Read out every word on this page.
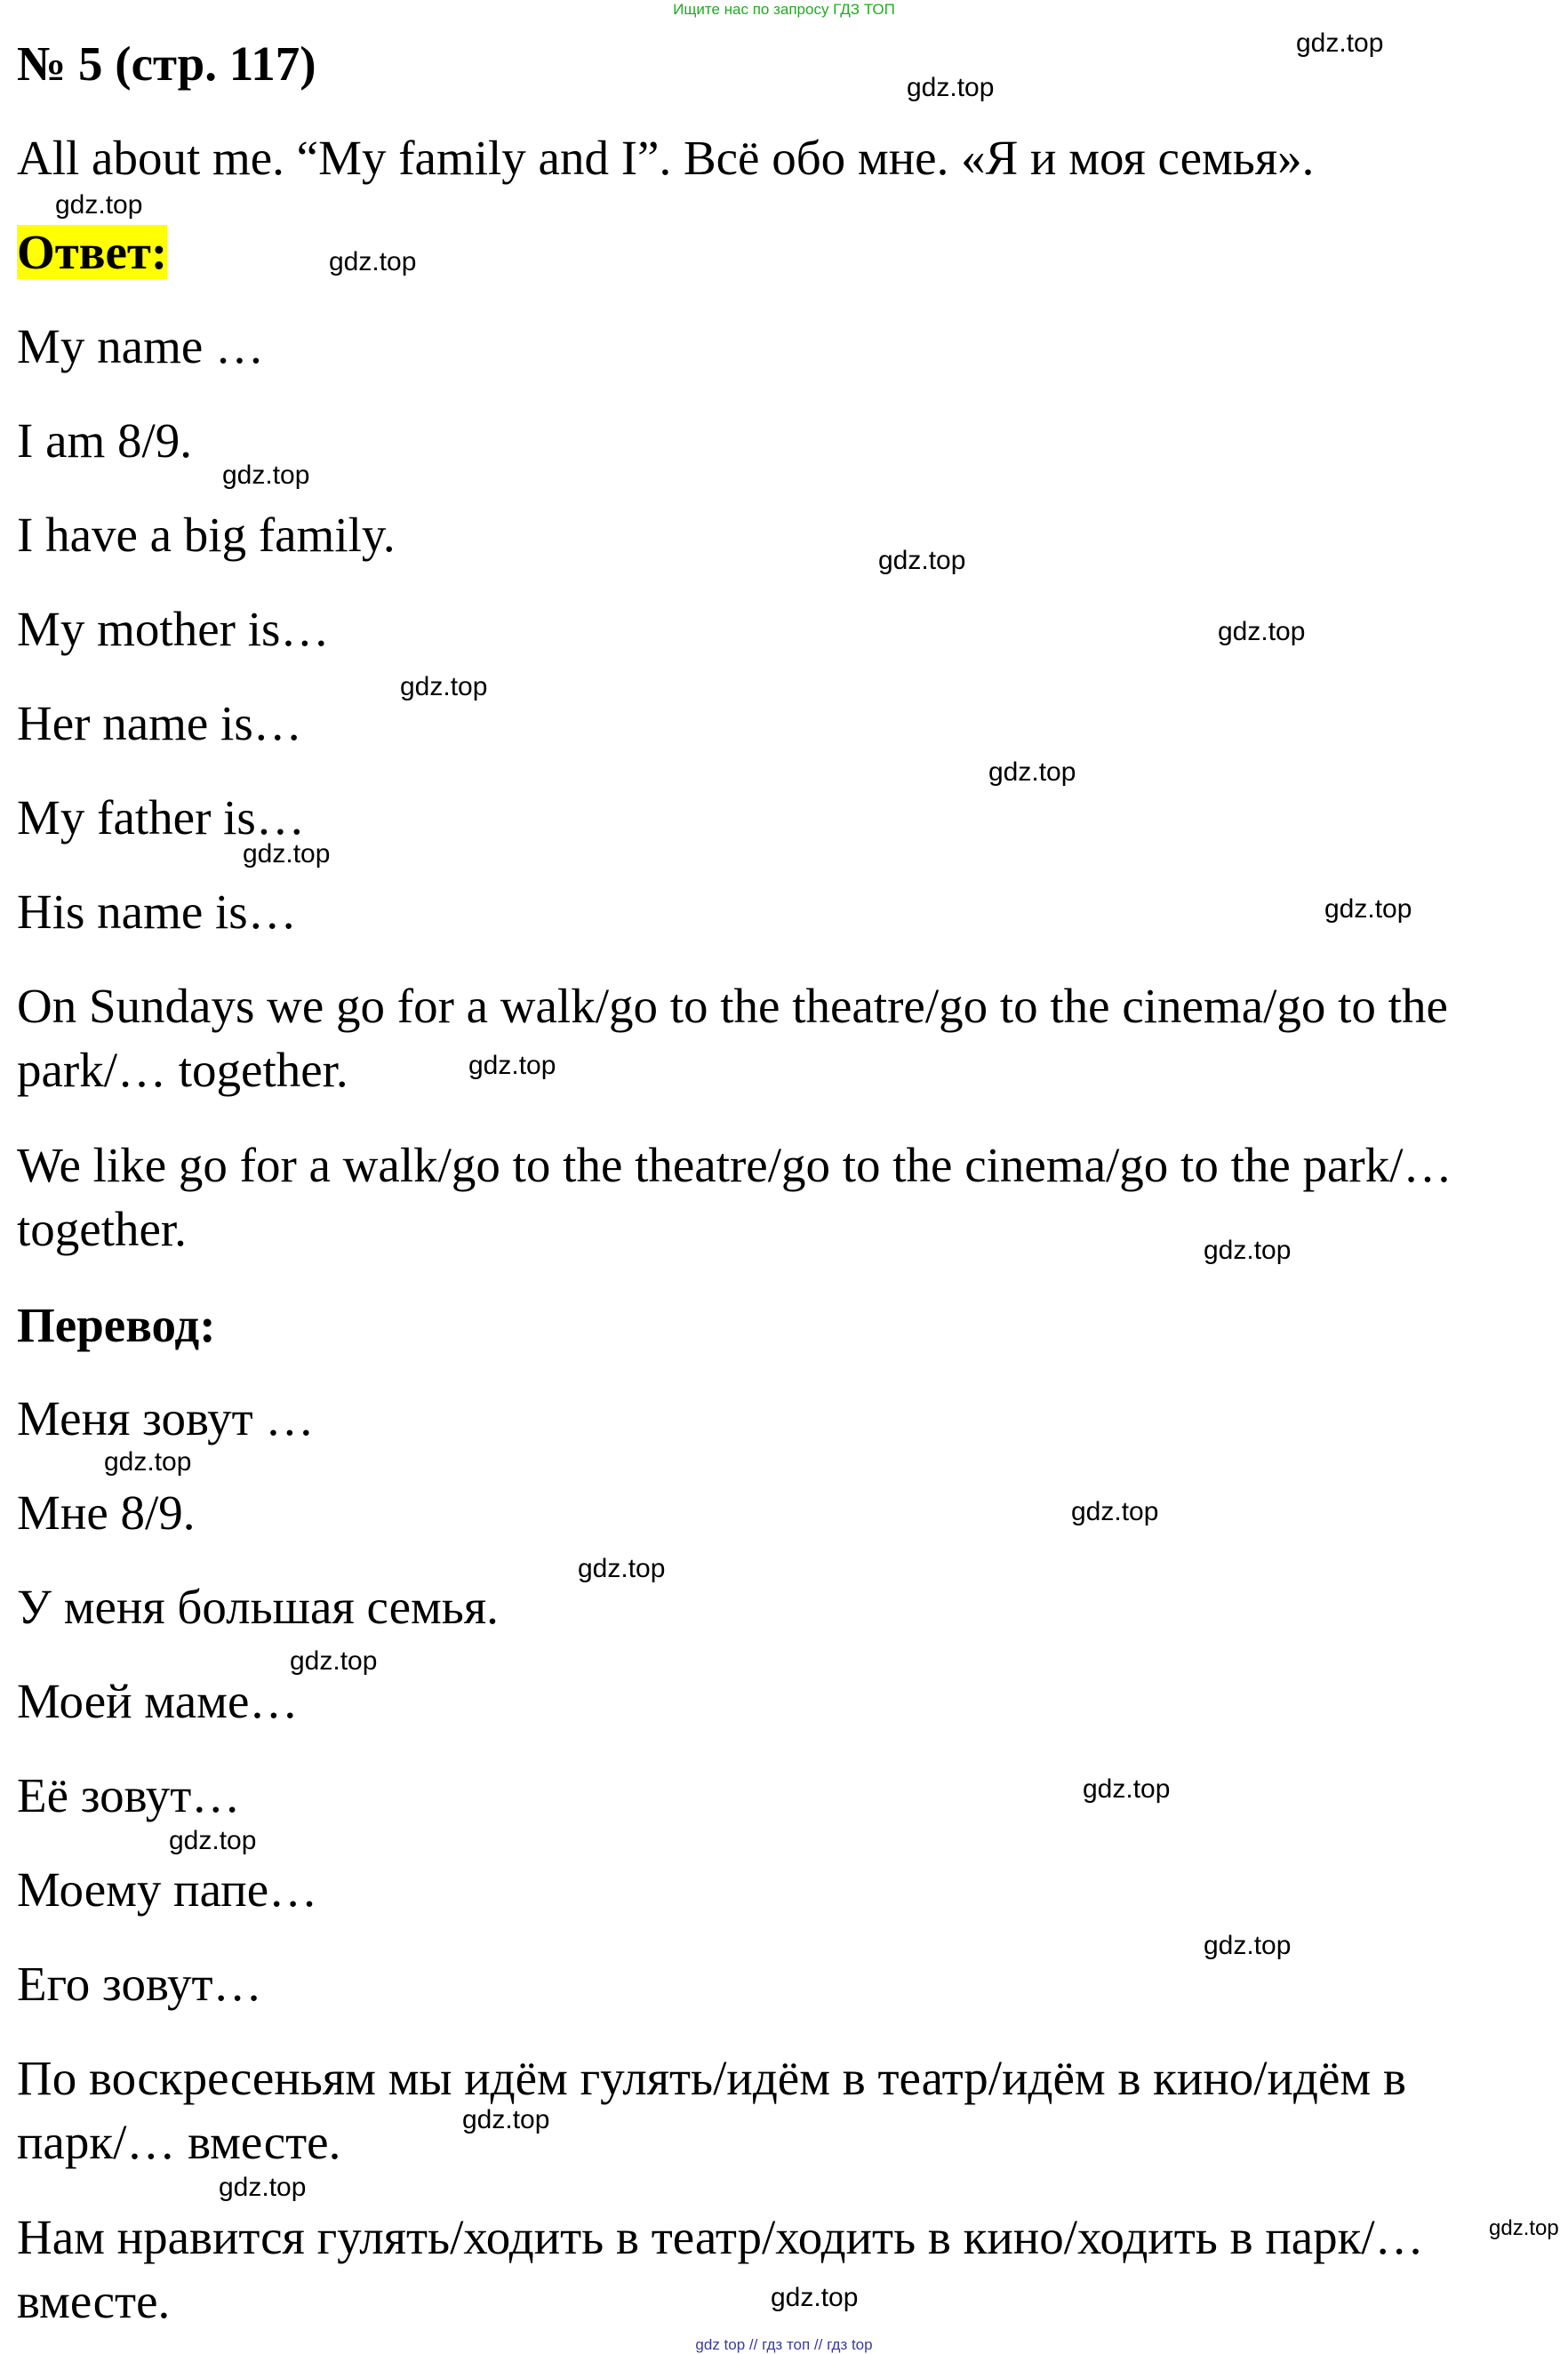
Ищите нас по запросу ГДЗ ТОП
№ 5 (стр. 117)
All about me. “My family and I”. Всё обо мне. «Я и моя семья».
Ответ:
My name …
I am 8/9.
I have a big family.
My mother is…
Her name is…
My father is…
His name is…
On Sundays we go for a walk/go to the theatre/go to the cinema/go to the park/… together.
We like go for a walk/go to the theatre/go to the cinema/go to the park/… together.
Перевод:
Меня зовут …
Мне 8/9.
У меня большая семья.
Моей маме…
Её зовут…
Моему папе…
Его зовут…
По воскресеньям мы идём гулять/идём в театр/идём в кино/идём в парк/… вместе.
Нам нравится гулять/ходить в театр/ходить в кино/ходить в парк/… вместе.
gdz.top
gdz.top
gdz.top
gdz.top
gdz.top
gdz.top
gdz.top
gdz.top
gdz.top
gdz.top
gdz.top
gdz.top
gdz.top
gdz.top
gdz.top
gdz.top
gdz.top
gdz.top
gdz.top
gdz.top
gdz.top
gdz.top
gdz.top
gdz.top
gdz top // гдз топ // гдз top
